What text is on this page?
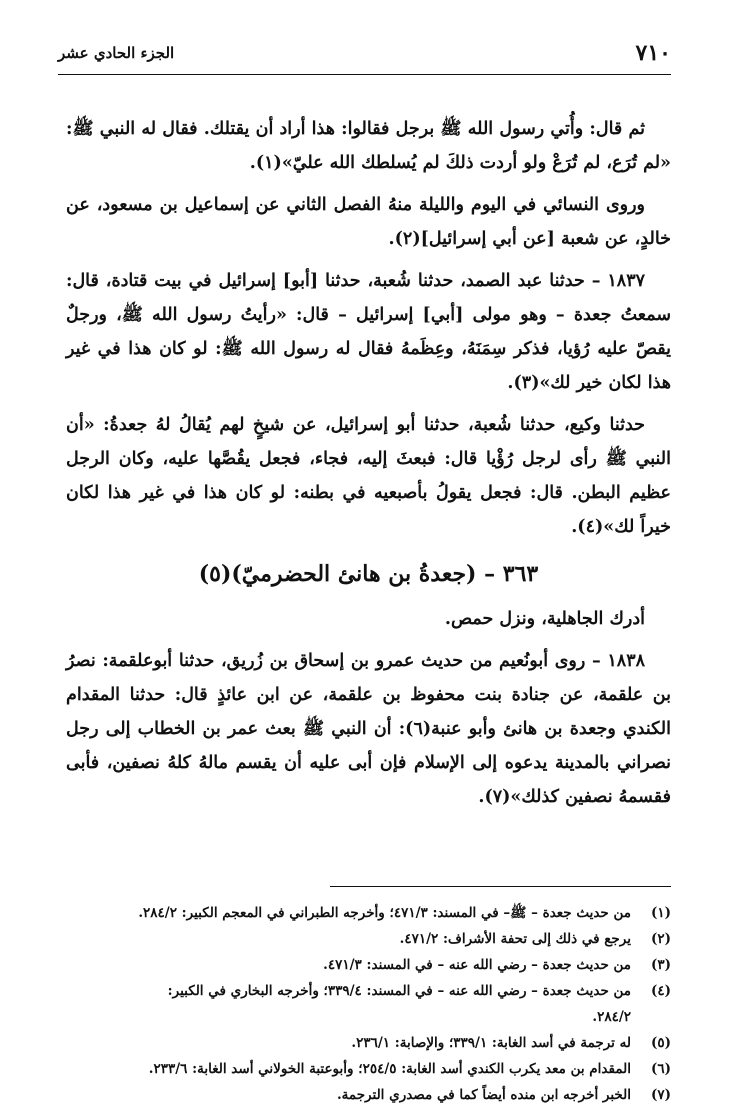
٧١٠
الجزء الحادي عشر

ثم قال: وأُتي رسول الله ﷺ برجل فقالوا: هذا أراد أن يقتلك. فقال له النبي ﷺ: «لم تُرَع، لم تُرَعْ ولو أردت ذلكَ لم يُسلطك الله عليّ»(١).

وروى النسائي في اليوم والليلة منهُ الفصل الثاني عن إسماعيل بن مسعود، عن خالدٍ، عن شعبة [عن أبي إسرائيل](٢).

١٨٣٧ – حدثنا عبد الصمد، حدثنا شُعبة، حدثنا [أبو] إسرائيل في بيت قتادة، قال: سمعتُ جعدة – وهو مولى [أبي] إسرائيل – قال: «رأيتُ رسول الله ﷺ، ورجلٌ يقصّ عليه رُؤيا، فذكر سِمَنَهُ، وعِظَمهُ فقال له رسول الله ﷺ: لو كان هذا في غير هذا لكان خير لك»(٣).

حدثنا وكيع، حدثنا شُعبة، حدثنا أبو إسرائيل، عن شيخٍ لهم يُقالُ لهُ جعدةُ: «أن النبي ﷺ رأى لرجل رُؤْيا قال: فبعثَ إليه، فجاء، فجعل يقُصَّها عليه، وكان الرجل عظيم البطن. قال: فجعل يقولُ بأصبعيه في بطنه: لو كان هذا في غير هذا لكان خيراً لك»(٤).

٣٦٣ – (جعدةُ بن هانئ الحضرميّ)(٥)

أدرك الجاهلية، ونزل حمص.

١٨٣٨ – روى أبونُعيم من حديث عمرو بن إسحاق بن زُريق، حدثنا أبوعلقمة: نصرُ بن علقمة، عن جنادة بنت محفوظ بن علقمة، عن ابن عائذٍ قال: حدثنا المقدام الكندي وجعدة بن هانئ وأبو عنبة(٦): أن النبي ﷺ بعث عمر بن الخطاب إلى رجل نصراني بالمدينة يدعوه إلى الإسلام فإن أبى عليه أن يقسم مالهُ كلهُ نصفين، فأبى فقسمهُ نصفين كذلك»(٧).

(١)
من حديث جعدة – ﷺ– في المسند: ٤٧١/٣؛ وأخرجه الطبراني في المعجم الكبير: ٢٨٤/٢.
(٢)
يرجع في ذلك إلى تحفة الأشراف: ٤٧١/٢.
(٣)
من حديث جعدة – رضي الله عنه – في المسند: ٤٧١/٣.
(٤)
من حديث جعدة – رضي الله عنه – في المسند: ٣٣٩/٤؛ وأخرجه البخاري في الكبير:
٢٨٤/٢.
(٥)
له ترجمة في أسد الغابة: ٣٣٩/١؛ والإصابة: ٢٣٦/١.
(٦)
المقدام بن معد يكرب الكندي أسد الغابة: ٢٥٤/٥؛ وأبوعتبة الخولاني أسد الغابة: ٢٣٣/٦.
(٧)
الخبر أخرجه ابن منده أيضاً كما في مصدري الترجمة.
